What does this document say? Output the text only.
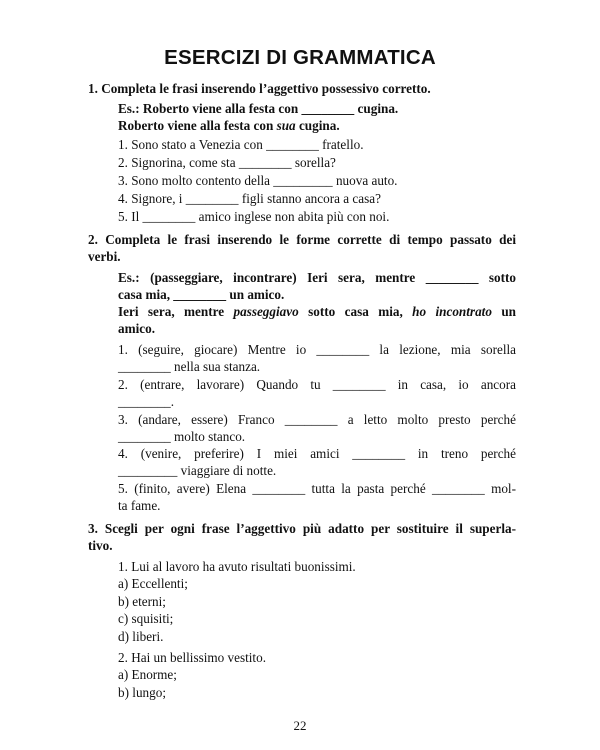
ESERCIZI DI GRAMMATICA
1. Completa le frasi inserendo l’aggettivo possessivo corretto.
Es.: Roberto viene alla festa con ________ cugina.
Roberto viene alla festa con sua cugina.
1. Sono stato a Venezia con ________ fratello.
2. Signorina, come sta ________ sorella?
3. Sono molto contento della _________ nuova auto.
4. Signore, i ________ figli stanno ancora a casa?
5. Il ________ amico inglese non abita più con noi.
2. Completa le frasi inserendo le forme corrette di tempo passato dei
verbi.
Es.: (passeggiare, incontrare) Ieri sera, mentre ________ sotto
casa mia, ________ un amico.
Ieri sera, mentre passeggiavo sotto casa mia, ho incontrato un
amico.
1. (seguire, giocare) Mentre io ________ la lezione, mia sorella
________ nella sua stanza.
2. (entrare, lavorare) Quando tu ________ in casa, io ancora
________.
3. (andare, essere) Franco ________ a letto molto presto perché
________ molto stanco.
4. (venire, preferire) I miei amici ________ in treno perché
_________ viaggiare di notte.
5. (finito, avere) Elena ________ tutta la pasta perché ________ mol-
ta fame.
3. Scegli per ogni frase l’aggettivo più adatto per sostituire il superla-
tivo.
1. Lui al lavoro ha avuto risultati buonissimi.
a) Eccellenti;
b) eterni;
c) squisiti;
d) liberi.
2. Hai un bellissimo vestito.
a) Enorme;
b) lungo;
22
